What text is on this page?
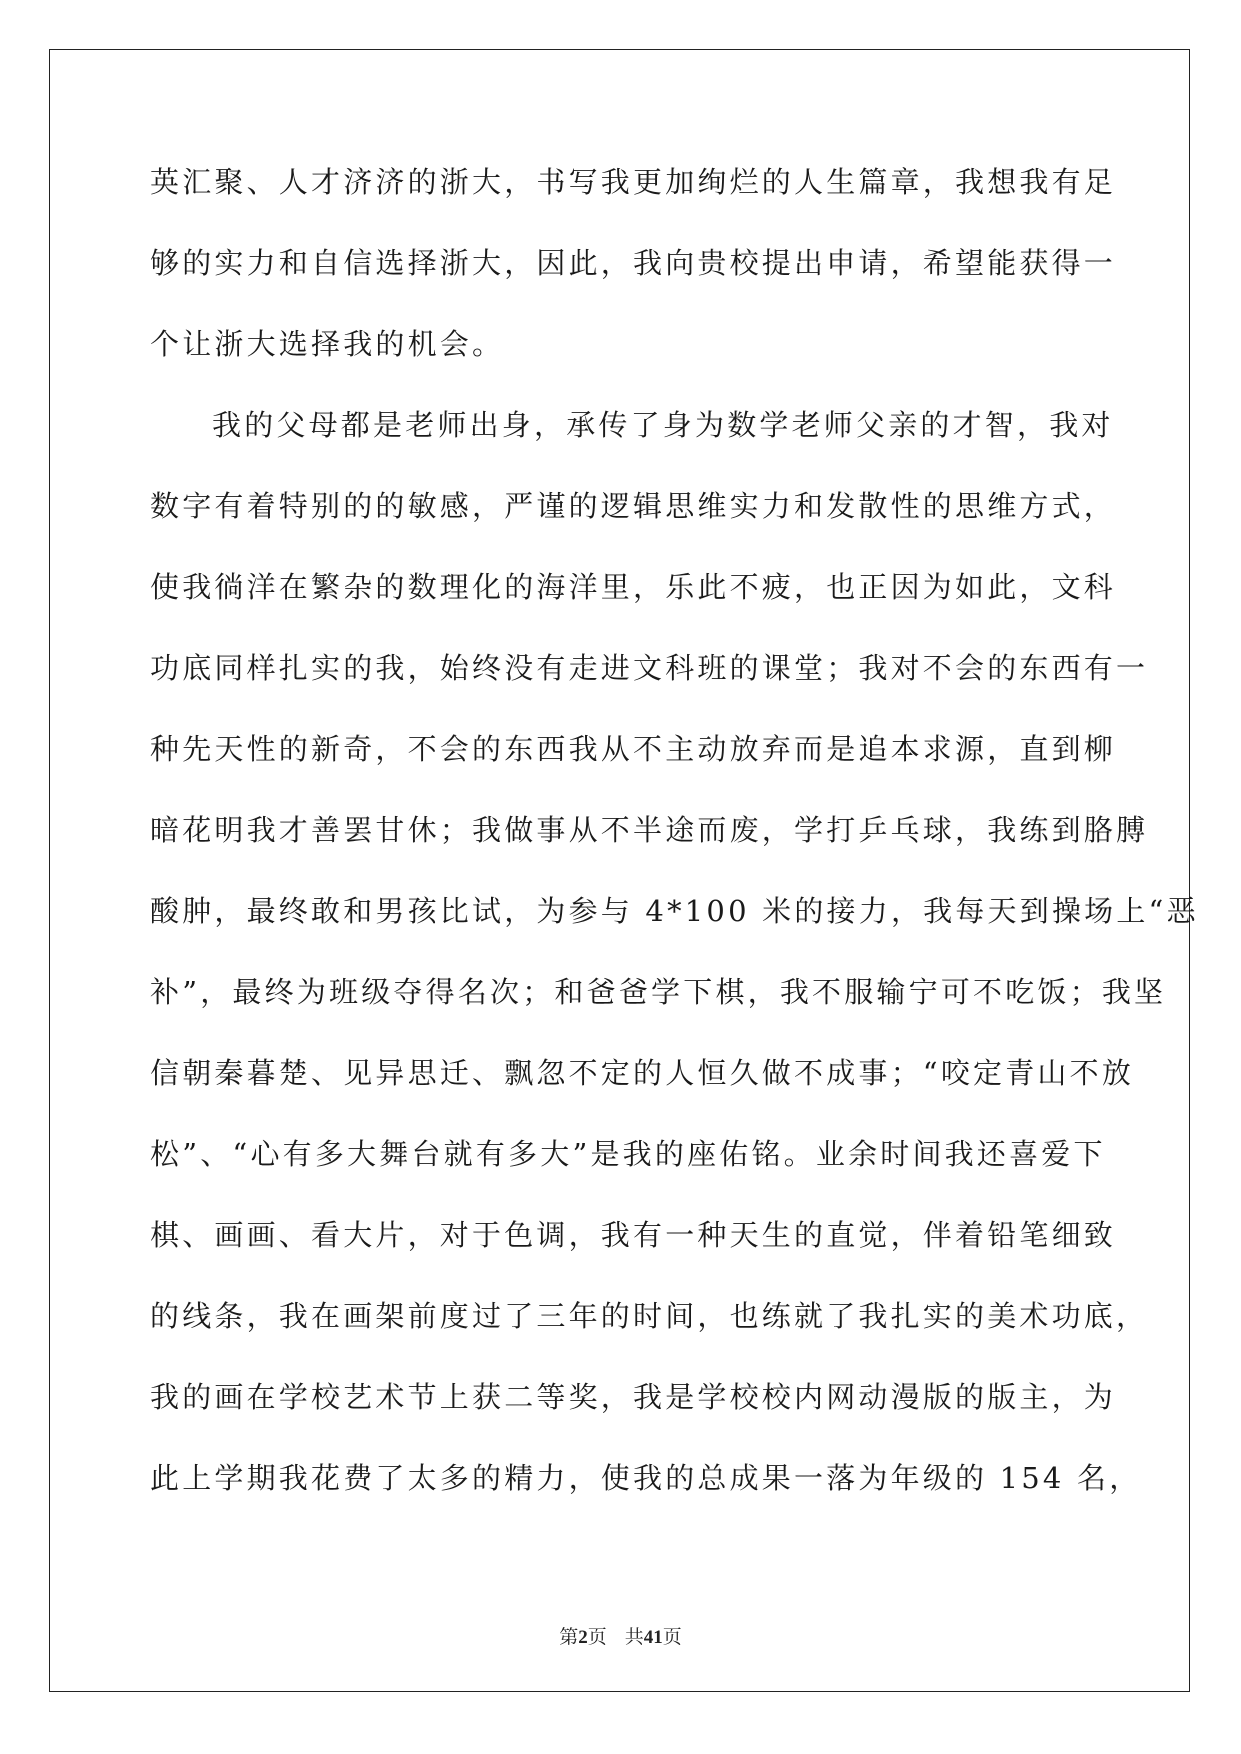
英汇聚、人才济济的浙大，书写我更加绚烂的人生篇章，我想我有足
够的实力和自信选择浙大，因此，我向贵校提出申请，希望能获得一
个让浙大选择我的机会。
我的父母都是老师出身，承传了身为数学老师父亲的才智，我对
数字有着特别的的敏感，严谨的逻辑思维实力和发散性的思维方式，
使我徜洋在繁杂的数理化的海洋里，乐此不疲，也正因为如此，文科
功底同样扎实的我，始终没有走进文科班的课堂；我对不会的东西有一
种先天性的新奇，不会的东西我从不主动放弃而是追本求源，直到柳
暗花明我才善罢甘休；我做事从不半途而废，学打乒乓球，我练到胳膊
酸肿，最终敢和男孩比试，为参与 4*100 米的接力，我每天到操场上“恶
补”，最终为班级夺得名次；和爸爸学下棋，我不服输宁可不吃饭；我坚
信朝秦暮楚、见异思迁、飘忽不定的人恒久做不成事；“咬定青山不放
松”、“心有多大舞台就有多大”是我的座佑铭。业余时间我还喜爱下
棋、画画、看大片，对于色调，我有一种天生的直觉，伴着铅笔细致
的线条，我在画架前度过了三年的时间，也练就了我扎实的美术功底，
我的画在学校艺术节上获二等奖，我是学校校内网动漫版的版主，为
此上学期我花费了太多的精力，使我的总成果一落为年级的 154 名，
第2页 共41页
